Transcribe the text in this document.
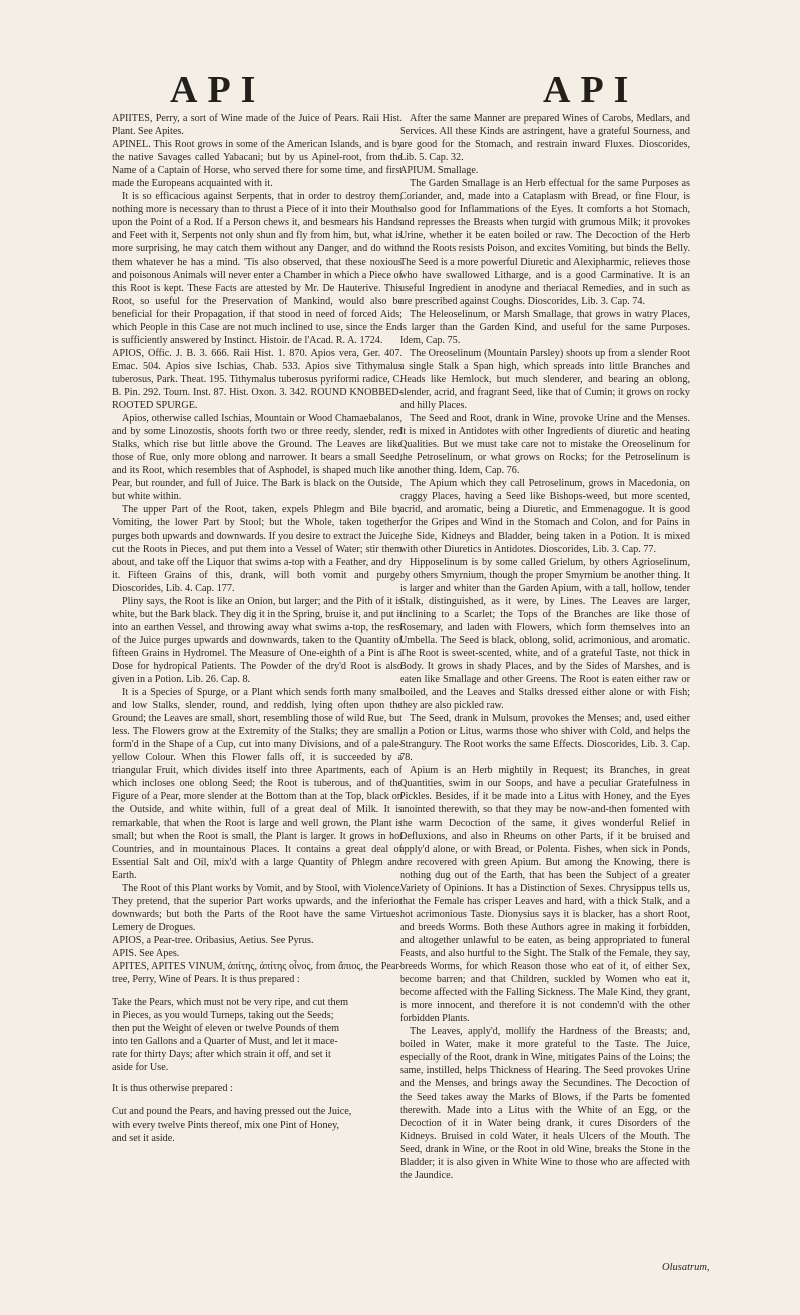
API	API

APIITES, Perry, a sort of Wine made of the Juice of Pears. Raii Hist. Plant. See Apites.

APINEL. This Root grows in some of the American Islands, and is by the native Savages called Yabacani; but by us Apinel-root, from the Name of a Captain of Horse, who served there for some time, and first made the Europeans acquainted with it.

It is so efficacious against Serpents, that in order to destroy them, nothing more is necessary than to thrust a Piece of it into their Mouths upon the Point of a Rod. If a Person chews it, and besmears his Hands and Feet with it, Serpents not only shun and fly from him, but, what is more surprising, he may catch them without any Danger, and do with them whatever he has a mind. 'Tis also observed, that these noxious and poisonous Animals will never enter a Chamber in which a Piece of this Root is kept. These Facts are attested by Mr. De Hauterive. This Root, so useful for the Preservation of Mankind, would also be beneficial for their Propagation, if that stood in need of forced Aids; which People in this Case are not much inclined to use, since the End is sufficiently answered by Instinct. Histoir. de l'Acad. R. A. 1724.

APIOS, Offic. J. B. 3. 666. Raii Hist. 1. 870. Apios vera, Ger. 407. Emac. 504. Apios sive Ischias, Chab. 533. Apios sive Tithymalus tuberosus, Park. Theat. 195. Tithymalus tuberosus pyriformi radice, C. B. Pin. 292. Tourn. Inst. 87. Hist. Oxon. 3. 342. ROUND KNOBBED-ROOTED SPURGE.

Apios, otherwise called Ischias, Mountain or Wood Chamaebalanos, and by some Linozostis, shoots forth two or three reedy, slender, red Stalks, which rise but little above the Ground. The Leaves are like those of Rue, only more oblong and narrower. It bears a small Seed, and its Root, which resembles that of Asphodel, is shaped much like a Pear, but rounder, and full of Juice. The Bark is black on the Outside, but white within.

The upper Part of the Root, taken, expels Phlegm and Bile by Vomiting, the lower Part by Stool; but the Whole, taken together, purges both upwards and downwards. If you desire to extract the Juice, cut the Roots in Pieces, and put them into a Vessel of Water; stir them about, and take off the Liquor that swims a-top with a Feather, and dry it. Fifteen Grains of this, drank, will both vomit and purge. Dioscorides, Lib. 4. Cap. 177.

Pliny says, the Root is like an Onion, but larger; and the Pith of it is white, but the Bark black. They dig it in the Spring, bruise it, and put it into an earthen Vessel, and throwing away what swims a-top, the rest of the Juice purges upwards and downwards, taken to the Quantity of fifteen Grains in Hydromel. The Measure of One-eighth of a Pint is a Dose for hydropical Patients. The Powder of the dry'd Root is also given in a Potion. Lib. 26. Cap. 8.

It is a Species of Spurge, or a Plant which sends forth many small and low Stalks, slender, round, and reddish, lying often upon the Ground; the Leaves are small, short, resembling those of wild Rue, but less. The Flowers grow at the Extremity of the Stalks; they are small, form'd in the Shape of a Cup, cut into many Divisions, and of a pale-yellow Colour. When this Flower falls off, it is succeeded by a triangular Fruit, which divides itself into three Apartments, each of which incloses one oblong Seed; the Root is tuberous, and of the Figure of a Pear, more slender at the Bottom than at the Top, black on the Outside, and white within, full of a great deal of Milk. It is remarkable, that when the Root is large and well grown, the Plant is small; but when the Root is small, the Plant is larger. It grows in hot Countries, and in mountainous Places. It contains a great deal of Essential Salt and Oil, mix'd with a large Quantity of Phlegm and Earth.

The Root of this Plant works by Vomit, and by Stool, with Violence. They pretend, that the superior Part works upwards, and the inferior downwards; but both the Parts of the Root have the same Virtues. Lemery de Drogues.

APIOS, a Pear-tree. Oribasius, Aetius. See Pyrus.

APIS. See Apes.

APITES, APITES VINUM, ἀπίτης, ἀπίτης οἶνος, from ἄπιος, the Pear-tree, Perry, Wine of Pears. It is thus prepared :

Take the Pears, which must not be very ripe, and cut them
in Pieces, as you would Turneps, taking out the Seeds;
then put the Weight of eleven or twelve Pounds of them
into ten Gallons and a Quarter of Must, and let it mace-
rate for thirty Days; after which strain it off, and set it
aside for Use.

It is thus otherwise prepared :

Cut and pound the Pears, and having pressed out the Juice,
with every twelve Pints thereof, mix one Pint of Honey,
and set it aside.

After the same Manner are prepared Wines of Carobs, Medlars, and Services. All these Kinds are astringent, have a grateful Sourness, and are good for the Stomach, and restrain inward Fluxes. Dioscorides, Lib. 5. Cap. 32.

APIUM. Smallage.

The Garden Smallage is an Herb effectual for the same Purposes as Coriander, and, made into a Cataplasm with Bread, or fine Flour, is also good for Inflammations of the Eyes. It comforts a hot Stomach, and represses the Breasts when turgid with grumous Milk; it provokes Urine, whether it be eaten boiled or raw. The Decoction of the Herb and the Roots resists Poison, and excites Vomiting, but binds the Belly. The Seed is a more powerful Diuretic and Alexipharmic, relieves those who have swallowed Litharge, and is a good Carminative. It is an useful Ingredient in anodyne and theriacal Remedies, and in such as are prescribed against Coughs. Dioscorides, Lib. 3. Cap. 74.

The Heleoselinum, or Marsh Smallage, that grows in watry Places, is larger than the Garden Kind, and useful for the same Purposes. Idem, Cap. 75.

The Oreoselinum (Mountain Parsley) shoots up from a slender Root a single Stalk a Span high, which spreads into little Branches and Heads like Hemlock, but much slenderer, and bearing an oblong, slender, acrid, and fragrant Seed, like that of Cumin; it grows on rocky and hilly Places.

The Seed and Root, drank in Wine, provoke Urine and the Menses. It is mixed in Antidotes with other Ingredients of diuretic and heating Qualities. But we must take care not to mistake the Oreoselinum for the Petroselinum, or what grows on Rocks; for the Petroselinum is another thing. Idem, Cap. 76.

The Apium which they call Petroselinum, grows in Macedonia, on craggy Places, having a Seed like Bishops-weed, but more scented, acrid, and aromatic, being a Diuretic, and Emmenagogue. It is good for the Gripes and Wind in the Stomach and Colon, and for Pains in the Side, Kidneys and Bladder, being taken in a Potion. It is mixed with other Diuretics in Antidotes. Dioscorides, Lib. 3. Cap. 77.

Hipposelinum is by some called Grielum, by others Agrioselinum, by others Smyrnium, though the proper Smyrnium be another thing. It is larger and whiter than the Garden Apium, with a tall, hollow, tender Stalk, distinguished, as it were, by Lines. The Leaves are larger, inclining to a Scarlet; the Tops of the Branches are like those of Rosemary, and laden with Flowers, which form themselves into an Umbella. The Seed is black, oblong, solid, acrimonious, and aromatic. The Root is sweet-scented, white, and of a grateful Taste, not thick in Body. It grows in shady Places, and by the Sides of Marshes, and is eaten like Smallage and other Greens. The Root is eaten either raw or boiled, and the Leaves and Stalks dressed either alone or with Fish; they are also pickled raw.

The Seed, drank in Mulsum, provokes the Menses; and, used either in a Potion or Litus, warms those who shiver with Cold, and helps the Strangury. The Root works the same Effects. Dioscorides, Lib. 3. Cap. 78.

Apium is an Herb mightily in Request; its Branches, in great Quantities, swim in our Soops, and have a peculiar Gratefulness in Pickles. Besides, if it be made into a Litus with Honey, and the Eyes anointed therewith, so that they may be now-and-then fomented with the warm Decoction of the same, it gives wonderful Relief in Defluxions, and also in Rheums on other Parts, if it be bruised and apply'd alone, or with Bread, or Polenta. Fishes, when sick in Ponds, are recovered with green Apium. But among the Knowing, there is nothing dug out of the Earth, that has been the Subject of a greater Variety of Opinions. It has a Distinction of Sexes. Chrysippus tells us, that the Female has crisper Leaves and hard, with a thick Stalk, and a hot acrimonious Taste. Dionysius says it is blacker, has a short Root, and breeds Worms. Both these Authors agree in making it forbidden, and altogether unlawful to be eaten, as being appropriated to funeral Feasts, and also hurtful to the Sight. The Stalk of the Female, they say, breeds Worms, for which Reason those who eat of it, of either Sex, become barren; and that Children, suckled by Women who eat it, become affected with the Falling Sickness. The Male Kind, they grant, is more innocent, and therefore it is not condemn'd with the other forbidden Plants.

The Leaves, apply'd, mollify the Hardness of the Breasts; and, boiled in Water, make it more grateful to the Taste. The Juice, especially of the Root, drank in Wine, mitigates Pains of the Loins; the same, instilled, helps Thickness of Hearing. The Seed provokes Urine and the Menses, and brings away the Secundines. The Decoction of the Seed takes away the Marks of Blows, if the Parts be fomented therewith. Made into a Litus with the White of an Egg, or the Decoction of it in Water being drank, it cures Disorders of the Kidneys. Bruised in cold Water, it heals Ulcers of the Mouth. The Seed, drank in Wine, or the Root in old Wine, breaks the Stone in the Bladder; it is also given in White Wine to those who are affected with the Jaundice.

Olusatrum,
